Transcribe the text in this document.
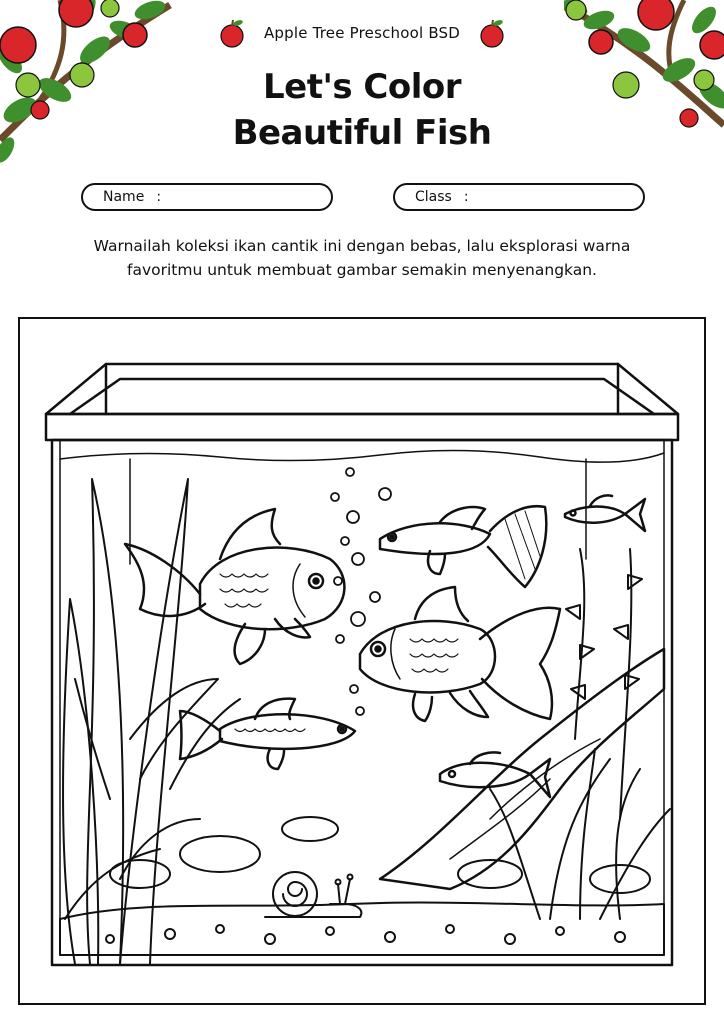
Apple Tree Preschool BSD
Let's Color
Beautiful Fish
Name :	Class :
Warnailah koleksi ikan cantik ini dengan bebas, lalu eksplorasi warna
favoritmu untuk membuat gambar semakin menyenangkan.
